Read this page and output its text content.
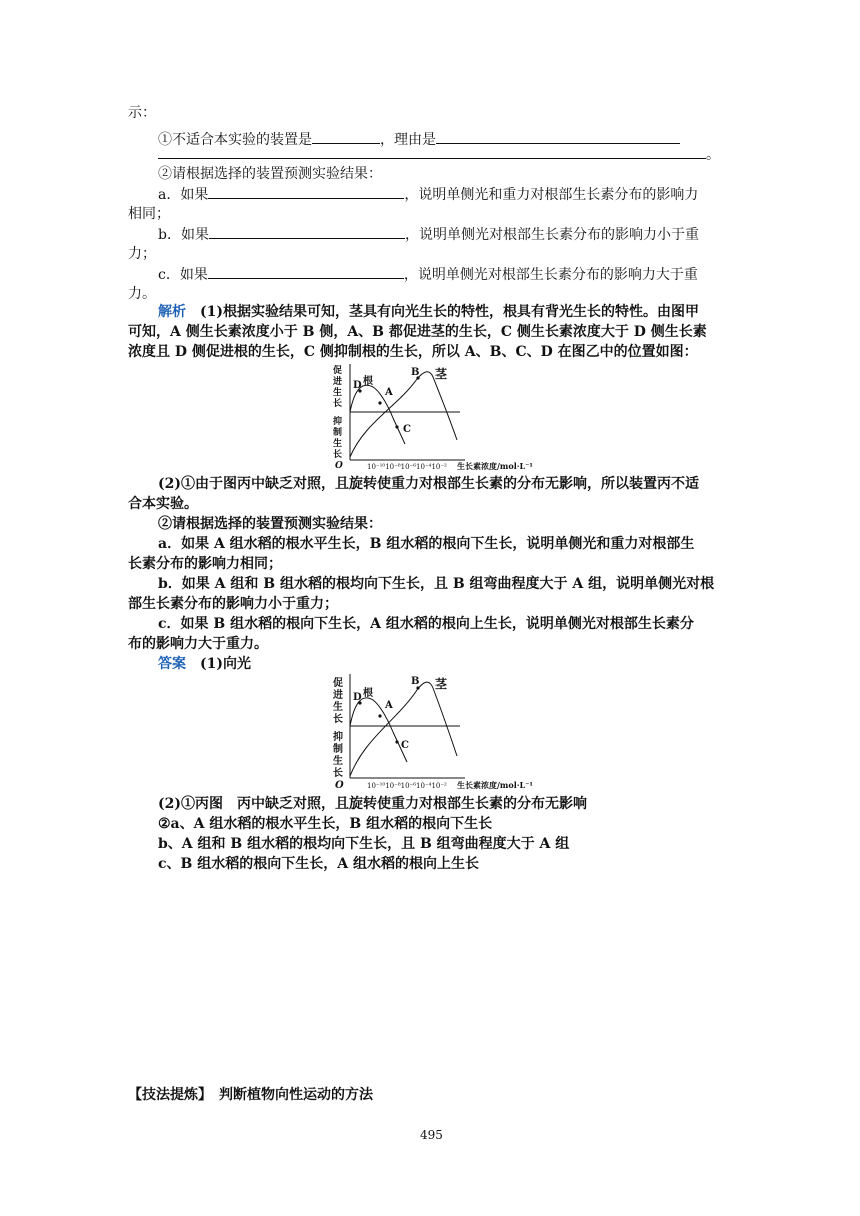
示：
①不适合本实验的装置是	，理由是
。
②请根据选择的装置预测实验结果：
a．如果	，说明单侧光和重力对根部生长素分布的影响力
相同；
b．如果	，说明单侧光对根部生长素分布的影响力小于重
力；
c．如果	，说明单侧光对根部生长素分布的影响力大于重
力。
解析　 (1)根据实验结果可知，茎具有向光生长的特性，根具有背光生长的特性。由图甲
可知，A 侧生长素浓度小于 B 侧，A、B 都促进茎的生长，C 侧生长素浓度大于 D 侧生长素
浓度且 D 侧促进根的生长，C 侧抑制根的生长，所以 A、B、C、D 在图乙中的位置如图：
促
进
生
长
抑
制
生
长
O
D 根
A
B 茎
C
10⁻¹⁰10⁻⁸10⁻⁶10⁻⁴10⁻² 生长素浓度/mol·L⁻¹
(2)①由于图丙中缺乏对照，且旋转使重力对根部生长素的分布无影响，所以装置丙不适
合本实验。
②请根据选择的装置预测实验结果：
a．如果 A 组水稻的根水平生长，B 组水稻的根向下生长，说明单侧光和重力对根部生
长素分布的影响力相同；
b．如果 A 组和 B 组水稻的根均向下生长，且 B 组弯曲程度大于 A 组，说明单侧光对根
部生长素分布的影响力小于重力；
c．如果 B 组水稻的根向下生长，A 组水稻的根向上生长，说明单侧光对根部生长素分
布的影响力大于重力。
答案　 (1)向光
促
进
生
长
抑
制
生
长
O
D 根
A
B 茎
C
10⁻¹⁰10⁻⁸10⁻⁶10⁻⁴10⁻² 生长素浓度/mol·L⁻¹
(2)①丙图　丙中缺乏对照，且旋转使重力对根部生长素的分布无影响
②a、A 组水稻的根水平生长，B 组水稻的根向下生长
b、A 组和 B 组水稻的根均向下生长，且 B 组弯曲程度大于 A 组
c、B 组水稻的根向下生长，A 组水稻的根向上生长
【技法提炼】　判断植物向性运动的方法
495
